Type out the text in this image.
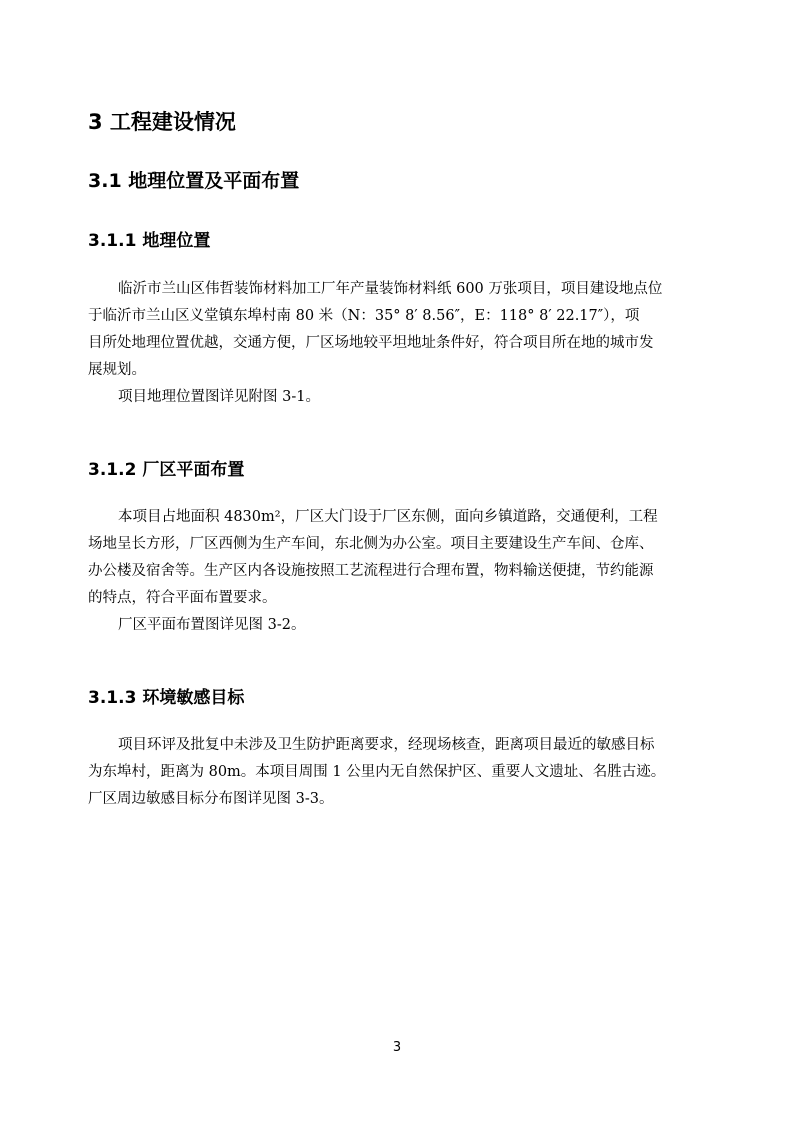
3 工程建设情况
3.1 地理位置及平面布置
3.1.1 地理位置
临沂市兰山区伟哲装饰材料加工厂年产量装饰材料纸 600 万张项目，项目建设地点位
于临沂市兰山区义堂镇东埠村南 80 米（N：35° 8′ 8.56″，E：118° 8′ 22.17″），项
目所处地理位置优越，交通方便，厂区场地较平坦地址条件好，符合项目所在地的城市发
展规划。
项目地理位置图详见附图 3-1。
3.1.2 厂区平面布置
本项目占地面积 4830m²，厂区大门设于厂区东侧，面向乡镇道路，交通便利，工程
场地呈长方形，厂区西侧为生产车间，东北侧为办公室。项目主要建设生产车间、仓库、
办公楼及宿舍等。生产区内各设施按照工艺流程进行合理布置，物料输送便捷，节约能源
的特点，符合平面布置要求。
厂区平面布置图详见图 3-2。
3.1.3 环境敏感目标
项目环评及批复中未涉及卫生防护距离要求，经现场核查，距离项目最近的敏感目标
为东埠村，距离为 80m。本项目周围 1 公里内无自然保护区、重要人文遗址、名胜古迹。
厂区周边敏感目标分布图详见图 3-3。
3
